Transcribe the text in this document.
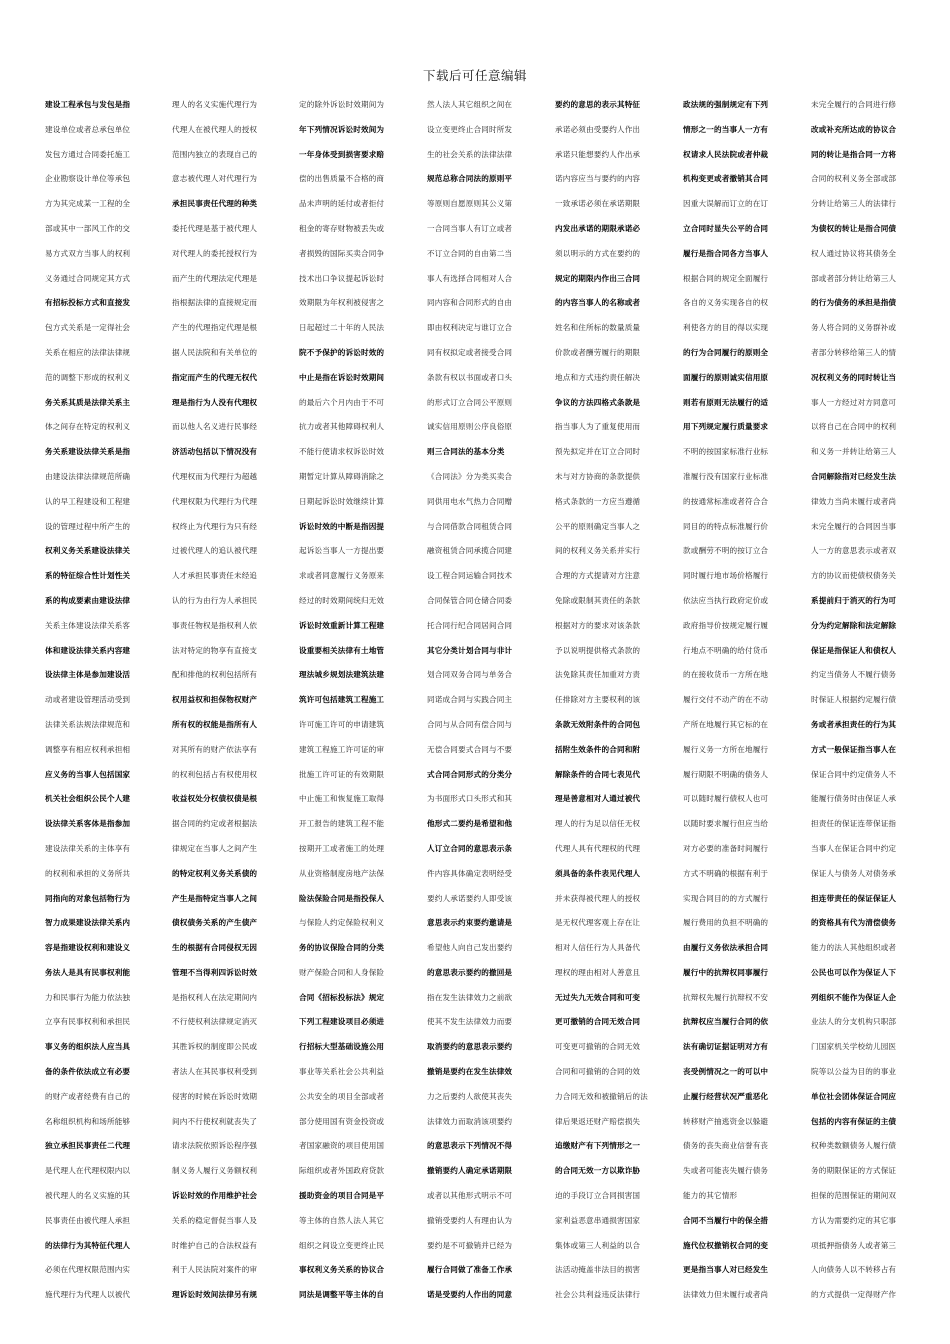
下载后可任意编辑
建设工程承包与发包是指
建设单位或者总承包单位
发包方通过合同委托施工
企业勘察设计单位等承包
方为其完成某一工程的全
部或其中一部风工作的交
易方式双方当事人的权利
义务通过合同规定其方式
有招标投标方式和直接发
包方式关系是一定得社会
关系在相应的法律法律规
范的调整下形成的权利义
务关系其质是法律关系主
体之间存在特定的权利义
务关系建设法律关系是指
由建设法律法律规范所确
认的早工程建设和工程建
设的管理过程中所产生的
权利义务关系建设法律关
系的特征综合性计划性关
系的构成要素由建设法律
关系主体建设法律关系客
体和建设法律关系内容建
设法律主体是参加建设活
动或者建设管理活动受到
法律关系法规法律规范和
调整享有相应权利承担相
应义务的当事人包括国家
机关社会组织公民个人建
设法律关系客体是指参加
建设法律关系的主体享有
的权利和承担的义务所共
同指向的对象包括物行为
智力成果建设法律关系内
容是指建设权利和建设义
务法人是具有民事权利能
力和民事行为能力依法独
立享有民事权利和承担民
事义务的组织法人应当具
备的条件依法成立有必要
的财产或者经费有自己的
名称组织机构和场所能够
独立承担民事责任二代理
是代理人在代理权限内以
被代理人的名义实施的其
民事责任由被代理人承担
的法律行为其特征代理人
必须在代理权限范围内实
施代理行为代理人以被代
理人的名义实施代理行为
代理人在被代理人的授权
范围内独立的表现自己的
意志被代理人对代理行为
承担民事责任代理的种类
委托代理是基于被代理人
对代理人的委托授权行为
而产生的代理法定代理是
指根据法律的直接规定而
产生的代理指定代理是根
据人民法院和有关单位的
指定而产生的代理无权代
理是指行为人没有代理权
而以他人名义进行民事经
济活动包括以下情况没有
代理权而为代理行为超越
代理权限为代理行为代理
权终止为代理行为只有经
过被代理人的追认被代理
人才承担民事责任未经追
认的行为由行为人承担民
事责任物权是指权利人依
法对特定的物享有直接支
配和排他的权利包括所有
权用益权和担保物权财产
所有权的权能是指所有人
对其所有的财产依法享有
的权利包括占有权使用权
收益权处分权债权债是根
据合同的约定或者根据法
律规定在当事人之间产生
的特定权利义务关系债的
产生是指特定当事人之间
债权债务关系的产生债产
生的根据有合同侵权无因
管理不当得利四诉讼时效
是指权利人在法定期间内
不行使权利法律规定消灭
其胜诉权的制度即公民或
者法人在其民事权利受到
侵害的时候在诉讼时效期
间内不行使权利就丧失了
请求法院依照诉讼程序强
制义务人履行义务额权利
诉讼时效的作用维护社会
关系的稳定督促当事人及
时维护自己的合法权益有
利于人民法院对案件的审
理诉讼时效间法律另有规
定的除外诉讼时效期间为
年下列情况诉讼时效间为
一年身体受到损害要求赔
偿的出售质量不合格的商
品未声明的延付或者拒付
租金的寄存财物被丢失或
者损毁的国际买卖合同争
技术出口争议提起诉讼时
效期限为年权利被侵害之
日起超过二十年的人民法
院不予保护的诉讼时效的
中止是指在诉讼时效期间
的最后六个月内由于不可
抗力或者其他障碍权利人
不能行使请求权诉讼时效
期暂定计算从障碍消除之
日期起诉讼时效继续计算
诉讼时效的中断是指因提
起诉讼当事人一方提出要
求或者同意履行义务原来
经过的时效期间统归无效
诉讼时效重新计算工程建
设重要相关法律有土地管
理法城乡规划法建筑法建
筑许可包括建筑工程施工
许可施工许可的申请建筑
建筑工程施工许可证的审
批施工许可证的有效期限
中止施工和恢复施工取得
开工报告的建筑工程不能
按期开工或者施工的处理
从业资格制度房地产法保
险法保险合同是指投保人
与保险人约定保险权利义
务的协议保险合同的分类
财产保险合同和人身保险
合同《招标投标法》规定
下列工程建设项目必须进
行招标大型基础设施公用
事业等关系社会公共利益
公共安全的项目全部或者
部分使用国有资金投资或
者国家融资的项目使用国
际组织或者外国政府贷款
援助资金的项目合同是平
等主体的自然人法人其它
组织之间设立变更终止民
事权利义务关系的协议合
同法是调整平等主体的自
然人法人其它组织之间在
设立变更终止合同时所发
生的社会关系的法律法律
规范总称合同法的原则平
等原则自愿原则其公义第
一合同当事人有订立或者
不订立合同的自由第二当
事人有选择合同相对人合
同内容和合同形式的自由
即由权利决定与谁订立合
同有权拟定或者接受合同
条款有权以书面或者口头
的形式订立合同公平原则
诚实信用原则公序良俗原
则三合同法的基本分类
《合同法》分为类买卖合
同供用电水气热力合同赠
与合同借款合同租赁合同
融资租赁合同承揽合同建
设工程合同运输合同技术
合同保管合同仓储合同委
托合同行纪合同居间合同
其它分类计划合同与非计
划合同双务合同与单务合
同诺成合同与实践合同主
合同与从合同有偿合同与
无偿合同要式合同与不要
式合同合同形式的分类分
为书面形式口头形式和其
他形式二要约是希望和他
人订立合同的意思表示条
件内容具体确定表明经受
要约人承诺要约人即受该
意思表示约束要约邀请是
希望他人向自己发出要约
的意思表示要约的撤回是
指在发生法律效力之前欲
使其不发生法律效力而要
取消要约的意思表示要约
撤销是要约在发生法律效
力之后要约人欲使其丧失
法律效力而取消该项要约
的意思表示下列情况不得
撤销要约人确定承诺期限
或者以其他形式明示不可
撤销受要约人有理由认为
要约是不可撤销并已经为
履行合同做了准备工作承
诺是受要约人作出的同意
要约的意思的表示其特征
承诺必须由受要约人作出
承诺只能想要约人作出承
诺内容应当与要约的内容
一致承诺必须在承诺期限
内发出承诺的期限承诺必
须以明示的方式在要约的
规定的期限内作出三合同
的内容当事人的名称或者
姓名和住所标的数量质量
价款或者酬劳履行的期限
地点和方式违约责任解决
争议的方法四格式条款是
指当事人为了重复使用而
预先拟定并在订立合同时
未与对方协商的条款提供
格式条款的一方应当遵循
公平的原则确定当事人之
间的权利义务关系并实行
合理的方式提请对方注意
免除或限制其责任的条款
根据对方的要求对该条款
予以说明提供格式条款的
法免除其责任加重对方责
任排除对方主要权利的该
条款无效附条件的合同包
括附生效条件的合同和附
解除条件的合同七表见代
理是善意相对人通过被代
理人的行为足以信任无权
代理人具有代理权的代理
须具备的条件表见代理人
并未获得被代理人的授权
是无权代理客观上存在让
相对人信任行为人具备代
理权的理由相对人善意且
无过失九无效合同和可变
更可撤销的合同无效合同
可变更可撤销的合同无效
合同和可撤销的合同的效
力合同无效和被撤销后的法
律后果返还财产赔偿损失
追缴财产有下列情形之一
的合同无效一方以欺诈胁
迫的手段订立合同损害国
家利益恶意串通损害国家
集体或第三人利益的以合
法活动掩盖非法目的损害
社会公共利益违反法律行
政法规的强制规定有下列
情形之一的当事人一方有
权请求人民法院或者仲裁
机构变更或者撤销其合同
因重大误解而订立的在订
立合同时显失公平的合同
履行是指合同各方当事人
根据合同的规定全面履行
各自的义务实现各自的权
利使各方的目的得以实现
的行为合同履行的原则全
面履行的原则诚实信用原
则若有原则无法履行的适
用下列规定履行质量要求
不明的按国家标准行业标
准履行没有国家行业标准
的按通常标准或者符合合
同目的的特点标准履行价
款或酬劳不明的按订立合
同时履行地市场价格履行
依法应当执行政府定价或
政府指导价按规定履行履
行地点不明确的给付货币
的在接收货币一方所在地
履行交付不动产的在不动
产所在地履行其它标的在
履行义务一方所在地履行
履行期限不明确的债务人
可以随时履行债权人也可
以随时要求履行但应当给
对方必要的准备时间履行
方式不明确的根据有利于
实现合同目的的方式履行
履行费用的负担不明确的
由履行义务依法承担合同
履行中的抗辩权同事履行
抗辩权先履行抗辩权不安
抗辩权应当履行合同的依
法有确切证据证明对方有
丧受例情况之一的可以中
止履行经营状况严重恶化
转移财产抽逃资金以躲避
债务的丧失商业信誉有丧
失或者可能丧失履行债务
能力的其它情形
合同不当履行中的保全措
施代位权撤销权合同的变
更是指当事人对已经发生
法律效力但未履行或者尚
未完全履行的合同进行修
改或补充所达成的协议合
同的转让是指合同一方将
合同的权利义务全部或部
分转让给第三人的法律行
为债权的转让是指合同债
权人通过协议将其债务全
部或者部分转让给第三人
的行为债务的承担是指债
务人将合同的义务群补或
者部分转移给第三人的情
况权利义务的同时转让当
事人一方经过对方同意可
以将自己在合同中的权利
和义务一并转让给第三人
合同解除指对已经发生法
律效力当尚未履行或者尚
未完全履行的合同因当事
人一方的意思表示或者双
方的协议而使债权债务关
系提前归于消灭的行为可
分为约定解除和法定解除
保证是指保证人和债权人
约定当债务人不履行债务
时保证人根据约定履行债
务或者承担责任的行为其
方式一般保证指当事人在
保证合同中约定债务人不
能履行债务时由保证人承
担责任的保证连带保证指
当事人在保证合同中约定
保证人与债务人对债务承
担连带责任的保证保证人
的资格具有代为清偿债务
能力的法人其他组织或者
公民也可以作为保证人下
列组织不能作为保证人企
业法人的分支机构只职部
门国家机关学校幼儿园医
院等以公益为目的的事业
单位社会团体保证合同应
包括的内容有保证的主债
权种类数额债务人履行债
务的期限保证的方式保证
担保的范围保证的期间双
方认为需要约定的其它事
项抵押指债务人或者第三
人向债务人以不转移占有
的方式提供一定得财产作
